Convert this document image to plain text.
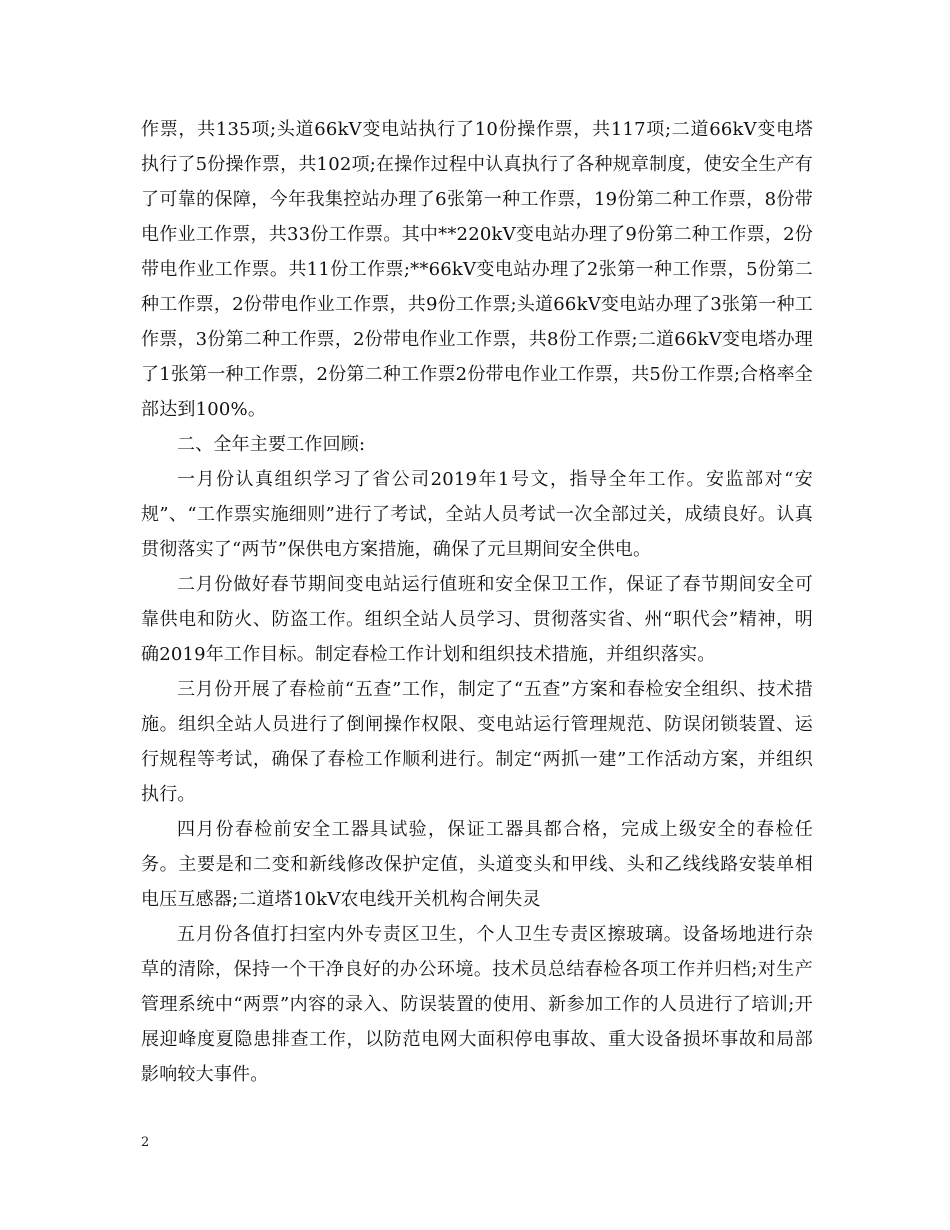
作票，共135项;头道66kV变电站执行了10份操作票，共117项;二道66kV变电塔执行了5份操作票，共102项;在操作过程中认真执行了各种规章制度，使安全生产有了可靠的保障，今年我集控站办理了6张第一种工作票，19份第二种工作票，8份带电作业工作票，共33份工作票。其中**220kV变电站办理了9份第二种工作票，2份带电作业工作票。共11份工作票;**66kV变电站办理了2张第一种工作票，5份第二种工作票，2份带电作业工作票，共9份工作票;头道66kV变电站办理了3张第一种工作票，3份第二种工作票，2份带电作业工作票，共8份工作票;二道66kV变电塔办理了1张第一种工作票，2份第二种工作票2份带电作业工作票，共5份工作票;合格率全部达到100%。

二、全年主要工作回顾:

一月份认真组织学习了省公司2019年1号文，指导全年工作。安监部对“安规”、“工作票实施细则”进行了考试，全站人员考试一次全部过关，成绩良好。认真贯彻落实了“两节”保供电方案措施，确保了元旦期间安全供电。

二月份做好春节期间变电站运行值班和安全保卫工作，保证了春节期间安全可靠供电和防火、防盗工作。组织全站人员学习、贯彻落实省、州“职代会”精神，明确2019年工作目标。制定春检工作计划和组织技术措施，并组织落实。

三月份开展了春检前“五查”工作，制定了“五查”方案和春检安全组织、技术措施。组织全站人员进行了倒闸操作权限、变电站运行管理规范、防误闭锁装置、运行规程等考试，确保了春检工作顺利进行。制定“两抓一建”工作活动方案，并组织执行。

四月份春检前安全工器具试验，保证工器具都合格，完成上级安全的春检任务。主要是和二变和新线修改保护定值，头道变头和甲线、头和乙线线路安装单相电压互感器;二道塔10kV农电线开关机构合闸失灵

五月份各值打扫室内外专责区卫生，个人卫生专责区擦玻璃。设备场地进行杂草的清除，保持一个干净良好的办公环境。技术员总结春检各项工作并归档;对生产管理系统中“两票”内容的录入、防误装置的使用、新参加工作的人员进行了培训;开展迎峰度夏隐患排查工作，以防范电网大面积停电事故、重大设备损坏事故和局部影响较大事件。

2
